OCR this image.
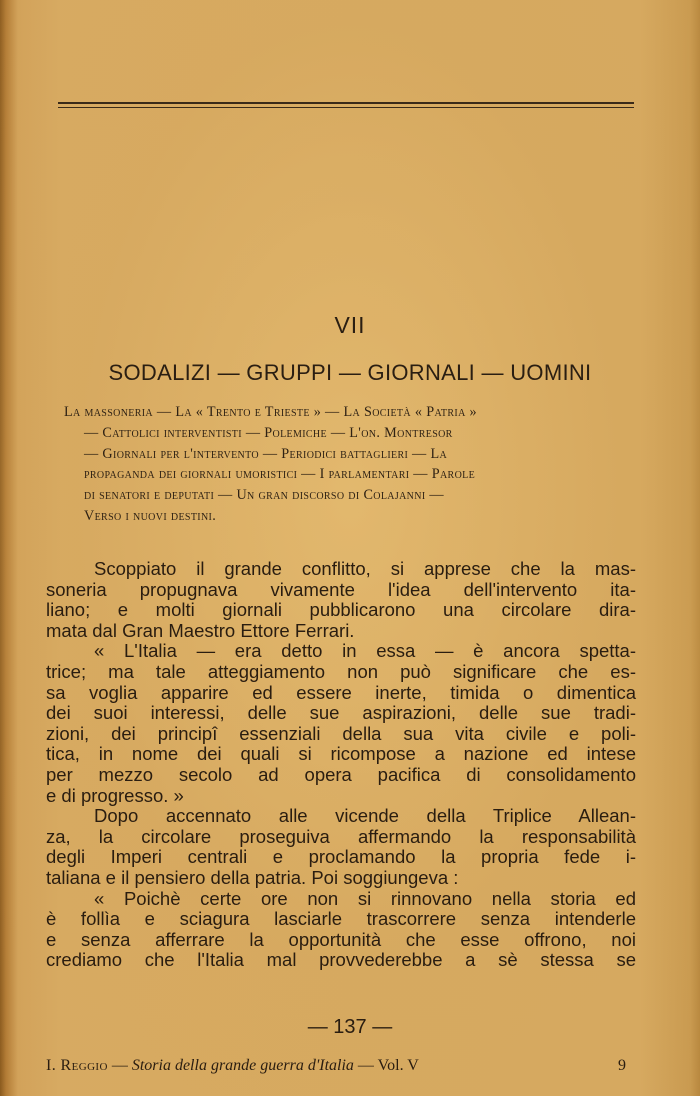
VII
SODALIZI — GRUPPI — GIORNALI — UOMINI
La massoneria — La « Trento e Trieste » — La Società « Patria »
— Cattolici interventisti — Polemiche — L'on. Montresor
— Giornali per l'intervento — Periodici battaglieri — La
propaganda dei giornali umoristici — I parlamentari — Parole
di senatori e deputati — Un gran discorso di Colajanni —
Verso i nuovi destini.
Scoppiato il grande conflitto, si apprese che la mas-
soneria propugnava vivamente l'idea dell'intervento ita-
liano; e molti giornali pubblicarono una circolare dira-
mata dal Gran Maestro Ettore Ferrari.
« L'Italia — era detto in essa — è ancora spetta-
trice; ma tale atteggiamento non può significare che es-
sa voglia apparire ed essere inerte, timida o dimentica
dei suoi interessi, delle sue aspirazioni, delle sue tradi-
zioni, dei principî essenziali della sua vita civile e poli-
tica, in nome dei quali si ricompose a nazione ed intese
per mezzo secolo ad opera pacifica di consolidamento
e di progresso. »
Dopo accennato alle vicende della Triplice Allean-
za, la circolare proseguiva affermando la responsabilità
degli Imperi centrali e proclamando la propria fede i-
taliana e il pensiero della patria. Poi soggiungeva :
« Poichè certe ore non si rinnovano nella storia ed
è follìa e sciagura lasciarle trascorrere senza intenderle
e senza afferrare la opportunità che esse offrono, noi
crediamo che l'Italia mal provvederebbe a sè stessa se
— 137 —
I. Reggio — Storia della grande guerra d'Italia — Vol. V	9
